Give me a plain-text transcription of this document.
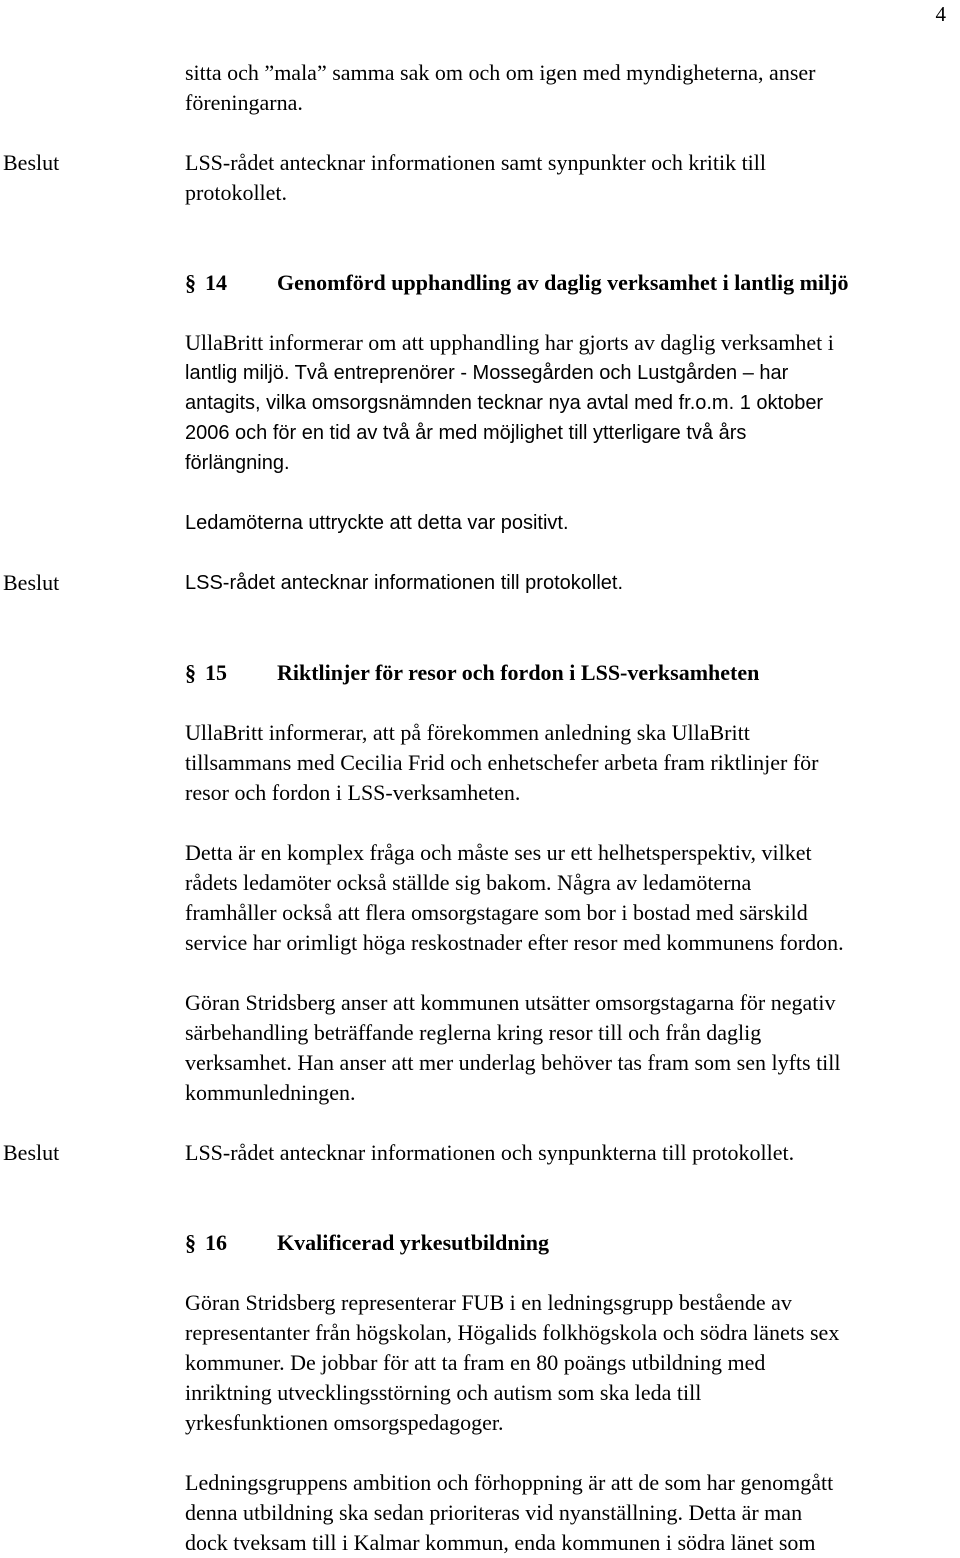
4

sitta och ”mala” samma sak om och om igen med myndigheterna, anser

föreningarna.

Beslut	LSS-rådet antecknar informationen samt synpunkter och kritik till

protokollet.

§ 14 Genomförd upphandling av daglig verksamhet i lantlig miljö

UllaBritt informerar om att upphandling har gjorts av daglig verksamhet i

lantlig miljö. Två entreprenörer - Mossegården och Lustgården – har

antagits, vilka omsorgsnämnden tecknar nya avtal med fr.o.m. 1 oktober

2006 och för en tid av två år med möjlighet till ytterligare två års

förlängning.

Ledamöterna uttryckte att detta var positivt.

Beslut	LSS-rådet antecknar informationen till protokollet.

§ 15 Riktlinjer för resor och fordon i LSS-verksamheten

UllaBritt informerar, att på förekommen anledning ska UllaBritt

tillsammans med Cecilia Frid och enhetschefer arbeta fram riktlinjer för

resor och fordon i LSS-verksamheten.

Detta är en komplex fråga och måste ses ur ett helhetsperspektiv, vilket

rådets ledamöter också ställde sig bakom. Några av ledamöterna

framhåller också att flera omsorgstagare som bor i bostad med särskild

service har orimligt höga reskostnader efter resor med kommunens fordon.

Göran Stridsberg anser att kommunen utsätter omsorgstagarna för negativ

särbehandling beträffande reglerna kring resor till och från daglig

verksamhet. Han anser att mer underlag behöver tas fram som sen lyfts till

kommunledningen.

Beslut	LSS-rådet antecknar informationen och synpunkterna till protokollet.

§ 16 Kvalificerad yrkesutbildning

Göran Stridsberg representerar FUB i en ledningsgrupp bestående av

representanter från högskolan, Högalids folkhögskola och södra länets sex

kommuner. De jobbar för att ta fram en 80 poängs utbildning med

inriktning utvecklingsstörning och autism som ska leda till

yrkesfunktionen omsorgspedagoger.

Ledningsgruppens ambition och förhoppning är att de som har genomgått

denna utbildning ska sedan prioriteras vid nyanställning. Detta är man

dock tveksam till i Kalmar kommun, enda kommunen i södra länet som
